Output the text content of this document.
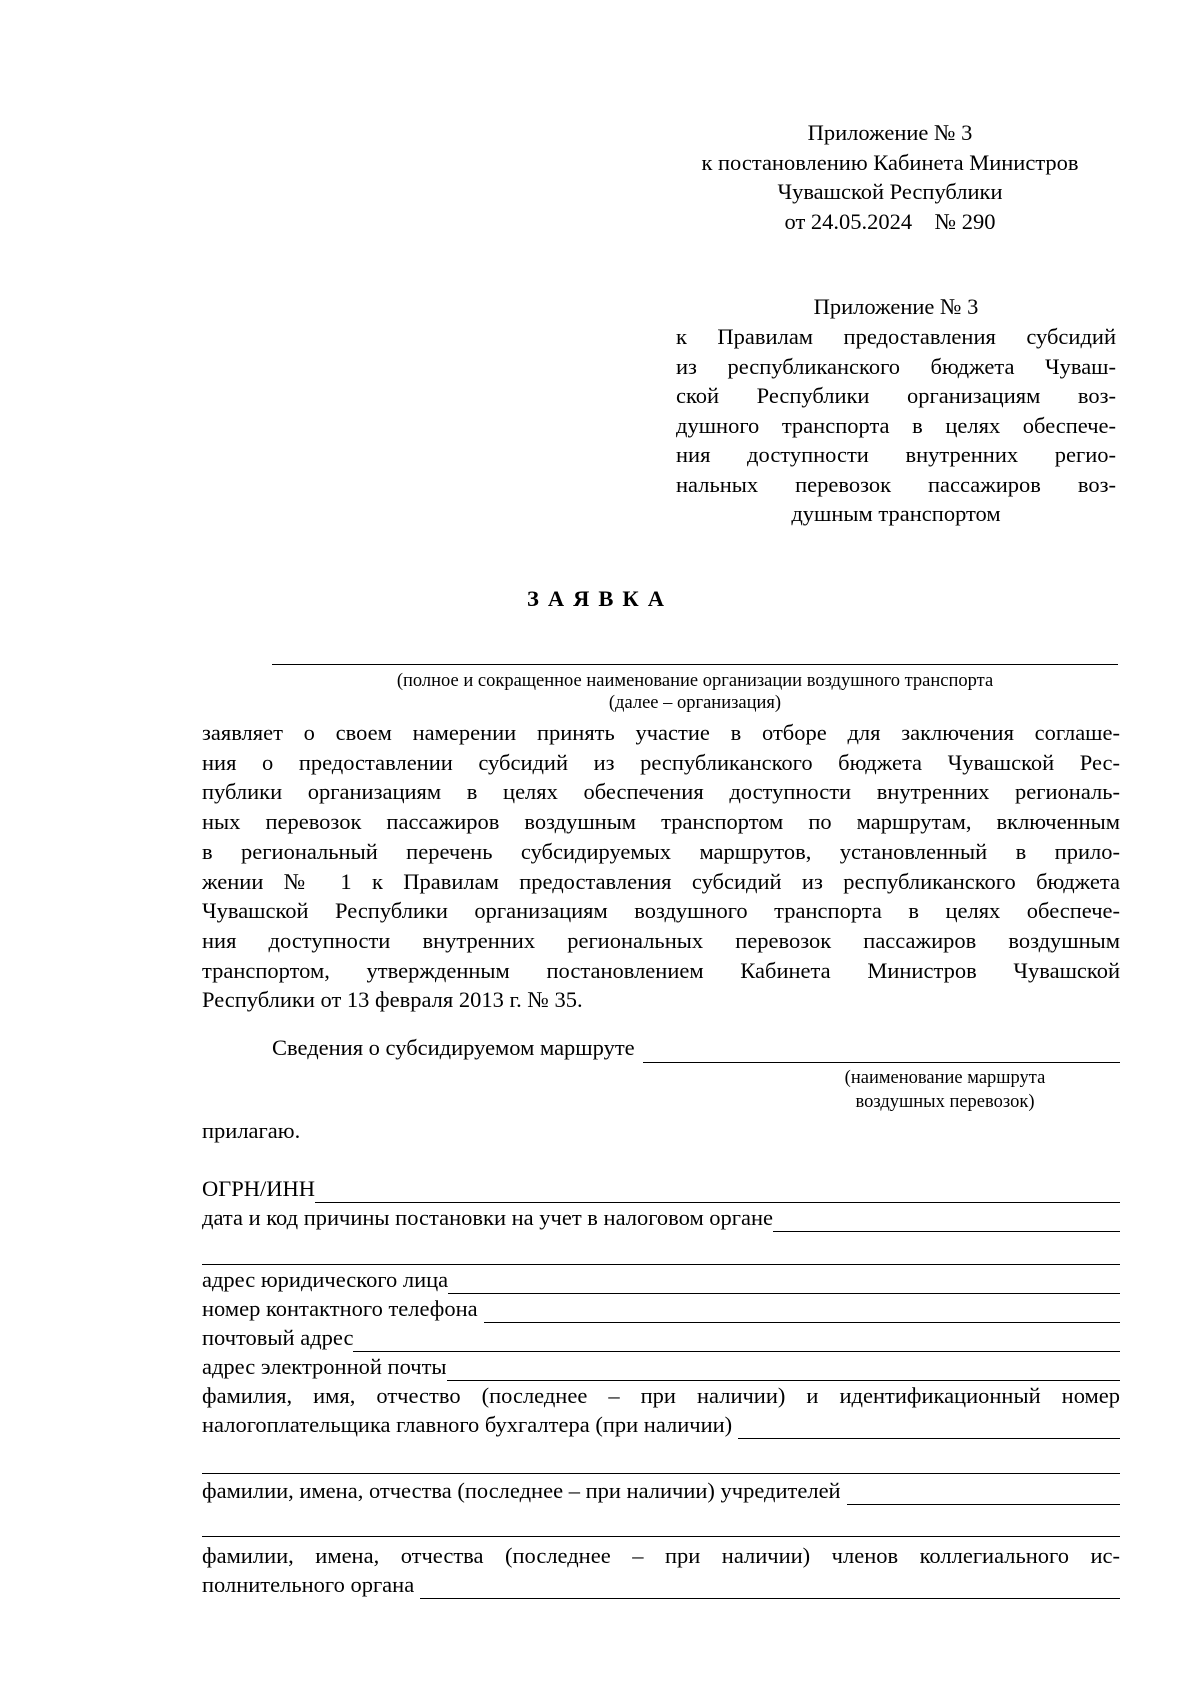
Приложение № 3
к постановлению Кабинета Министров
Чувашской Республики
от 24.05.2024    № 290
Приложение № 3
к Правилам предоставления субсидий
из республиканского бюджета Чуваш-
ской Республики организациям воз-
душного транспорта в целях обеспече-
ния доступности внутренних регио-
нальных перевозок пассажиров воз-
душным транспортом
ЗАЯВКА
(полное и сокращенное наименование организации воздушного транспорта
(далее – организация)
заявляет о своем намерении принять участие в отборе для заключения соглаше-
ния о предоставлении субсидий из республиканского бюджета Чувашской Рес-
публики организациям в целях обеспечения доступности внутренних региональ-
ных перевозок пассажиров воздушным транспортом по маршрутам, включенным
в региональный перечень субсидируемых маршрутов, установленный в прило-
жении № 1 к Правилам предоставления субсидий из республиканского бюджета
Чувашской Республики организациям воздушного транспорта в целях обеспече-
ния доступности внутренних региональных перевозок пассажиров воздушным
транспортом, утвержденным постановлением Кабинета Министров Чувашской
Республики от 13 февраля 2013 г. № 35.
Сведения о субсидируемом маршруте
(наименование маршрута
воздушных перевозок)
прилагаю.
ОГРН/ИНН
дата и код причины постановки на учет в налоговом органе
адрес юридического лица
номер контактного телефона
почтовый адрес
адрес электронной почты
фамилия, имя, отчество (последнее – при наличии) и идентификационный номер
налогоплательщика главного бухгалтера (при наличии)
фамилии, имена, отчества (последнее – при наличии) учредителей
фамилии, имена, отчества (последнее – при наличии) членов коллегиального ис-
полнительного органа
